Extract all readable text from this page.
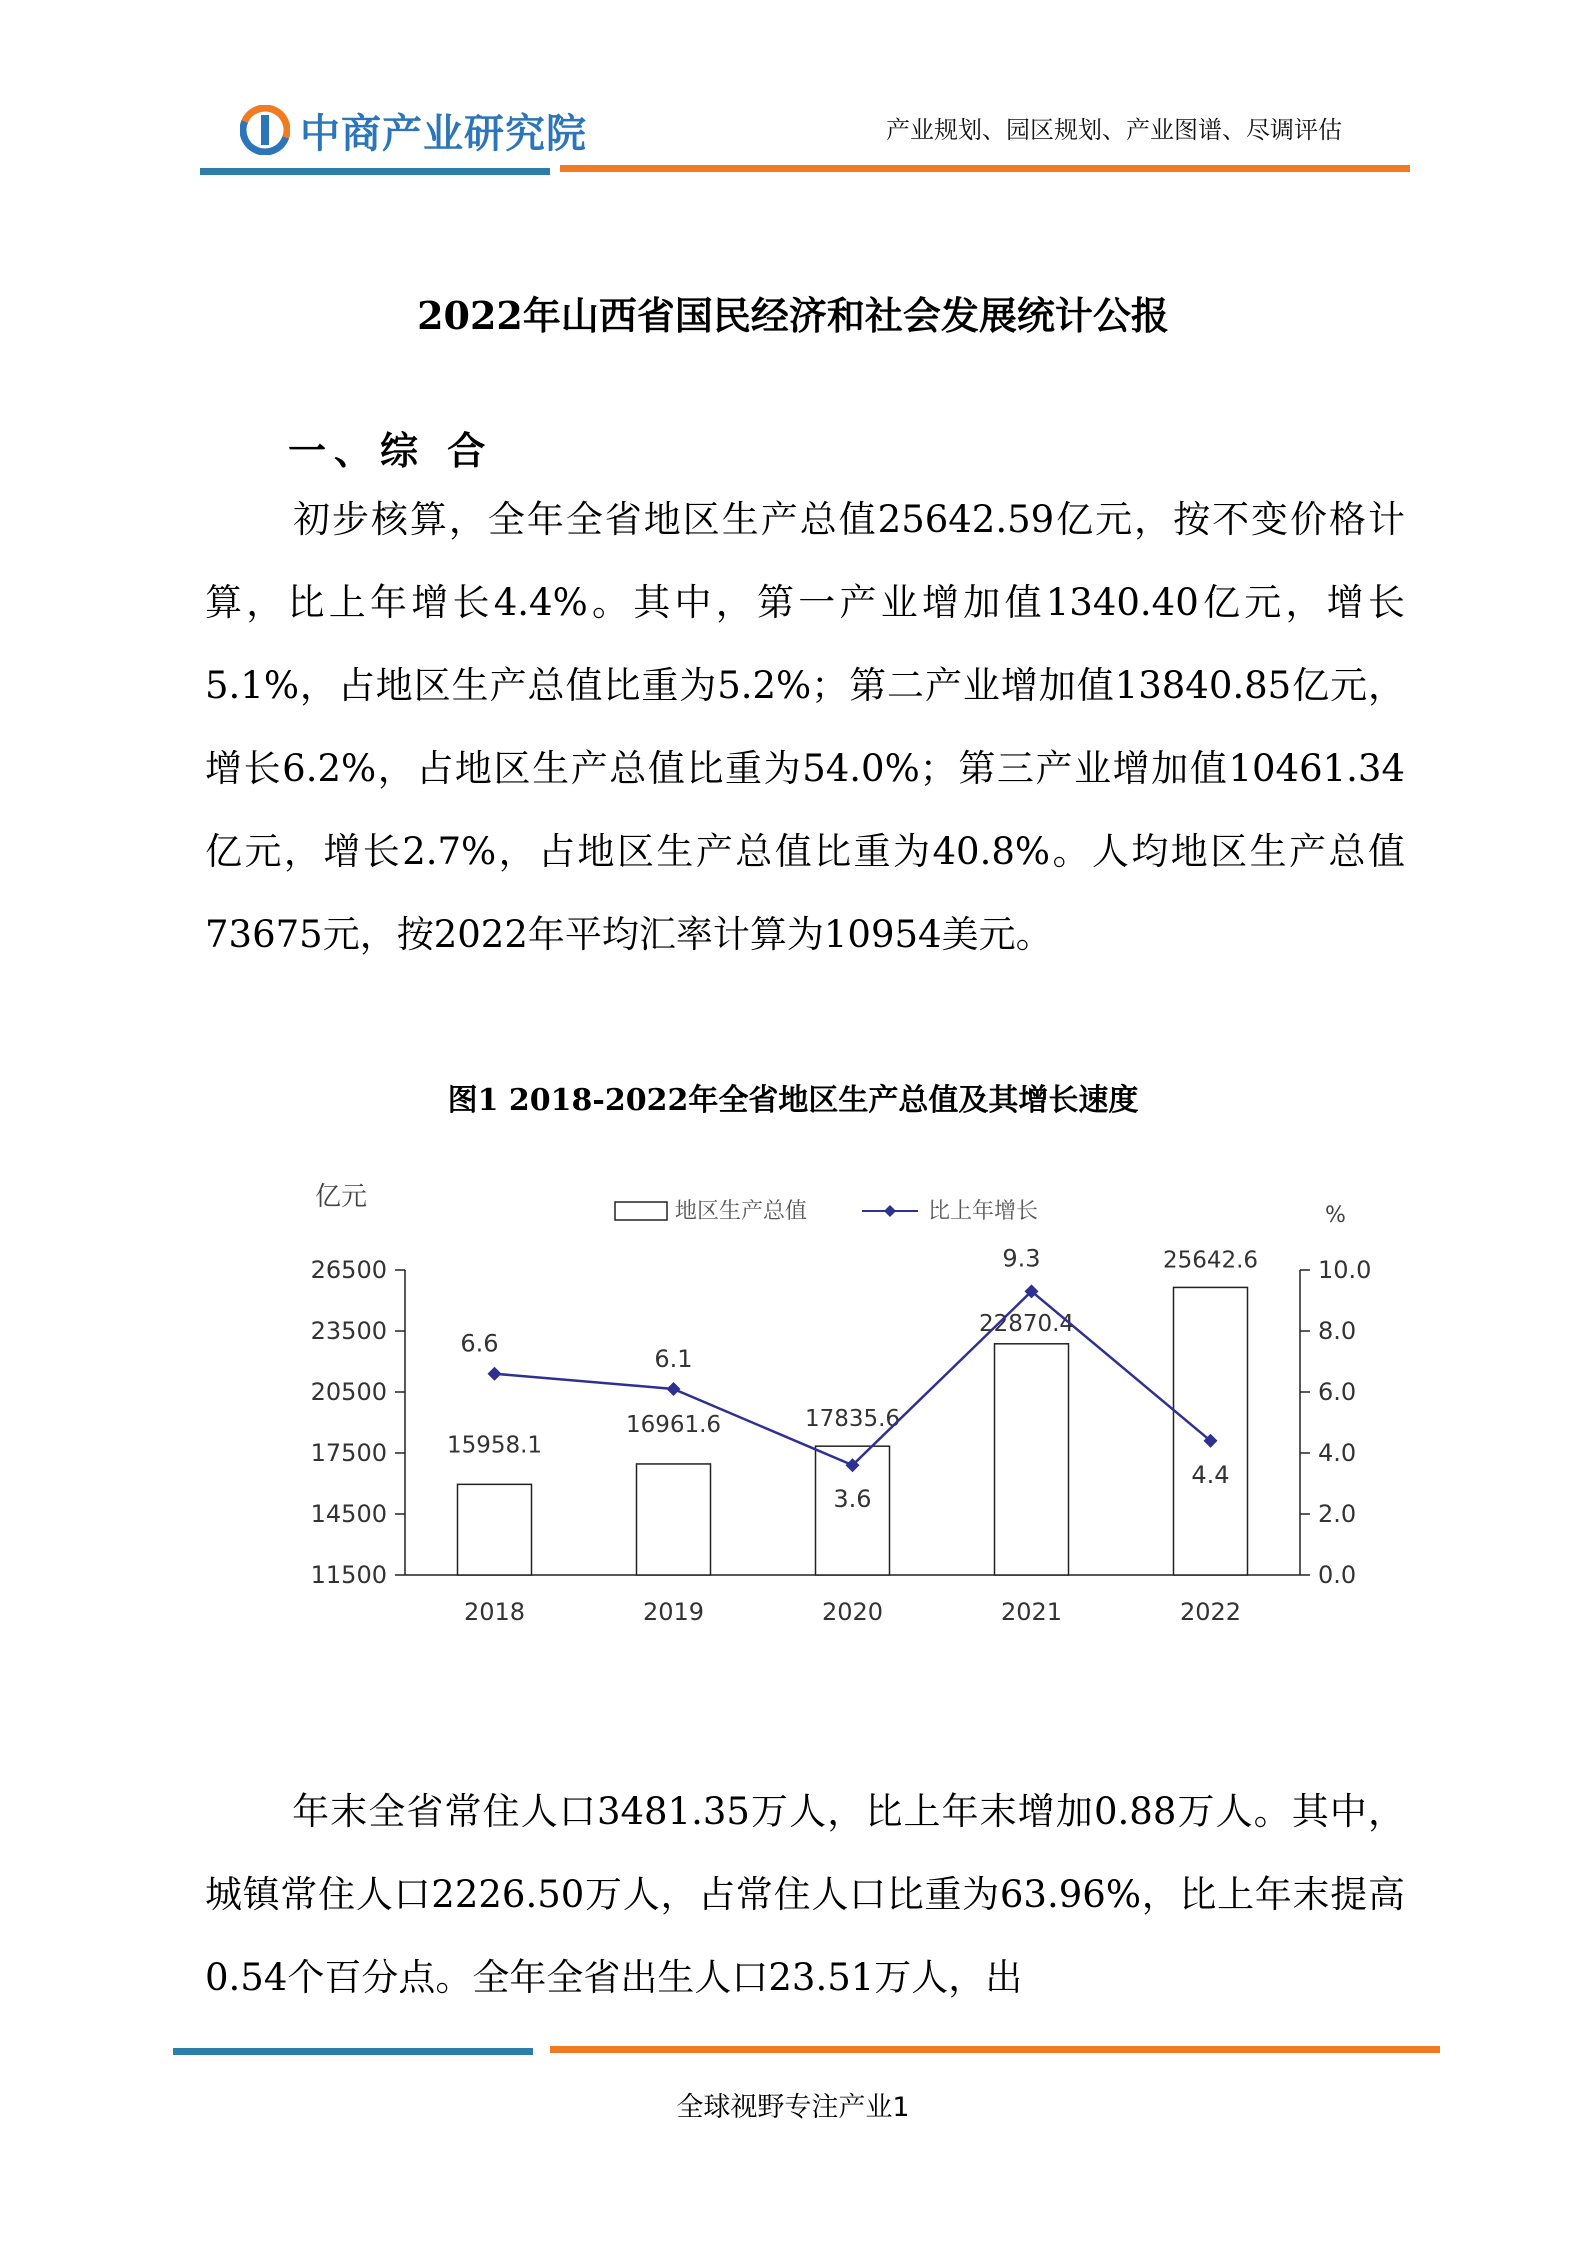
中商产业研究院	产业规划、园区规划、产业图谱、尽调评估
2022年山西省国民经济和社会发展统计公报
一、综 合
初步核算，全年全省地区生产总值25642.59亿元，按不变价格计算，比上年增长4.4%。其中，第一产业增加值1340.40亿元，增长5.1%，占地区生产总值比重为5.2%；第二产业增加值13840.85亿元，增长6.2%，占地区生产总值比重为54.0%；第三产业增加值10461.34亿元，增长2.7%，占地区生产总值比重为40.8%。人均地区生产总值73675元，按2022年平均汇率计算为10954美元。
图1 2018-2022年全省地区生产总值及其增长速度
地区生产总值	比上年增长
亿元
%
26500
23500
20500
17500
14500
11500
10.0
8.0
6.0
4.0
2.0
0.0
2018	2019	2020	2021	2022
15958.1
16961.6	17835.6
22870.4
25642.6
6.6
6.1
3.6
9.3
4.4
年末全省常住人口3481.35万人，比上年末增加0.88万人。其中，城镇常住人口2226.50万人，占常住人口比重为63.96%，比上年末提高0.54个百分点。全年全省出生人口23.51万人，出
全球视野专注产业1
